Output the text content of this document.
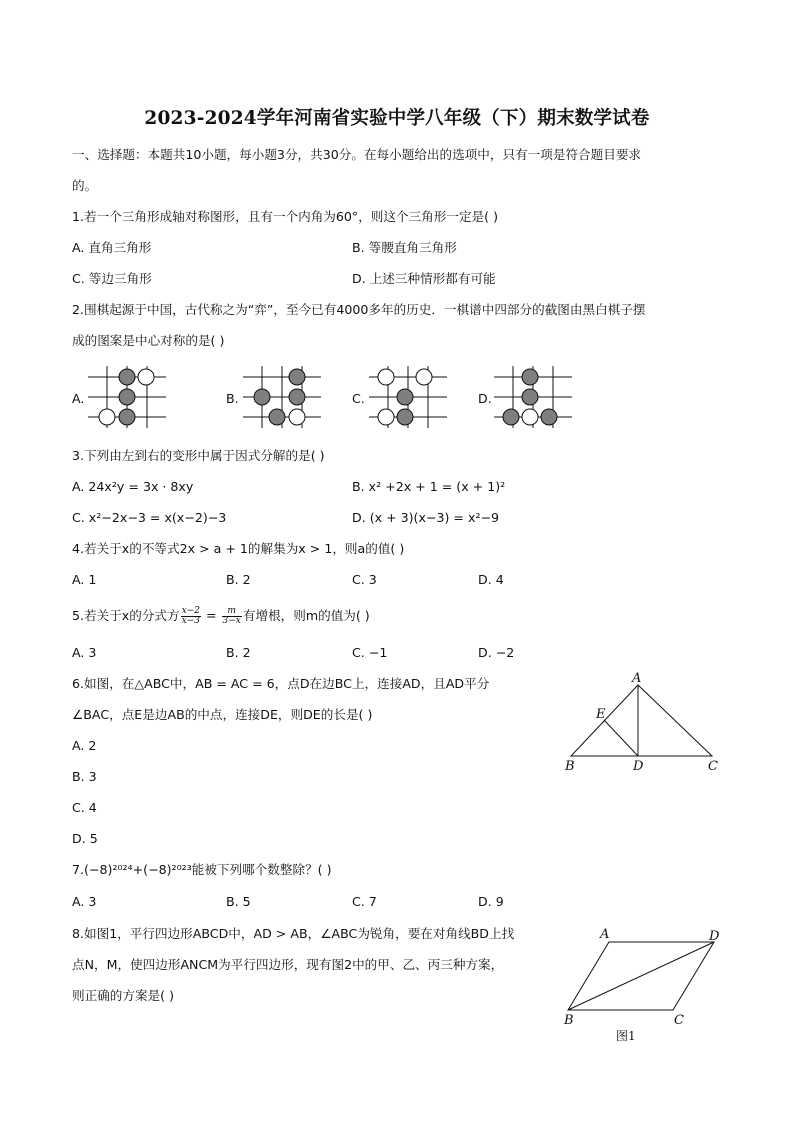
2023-2024学年河南省实验中学八年级（下）期末数学试卷
一、选择题：本题共10小题，每小题3分，共30分。在每小题给出的选项中，只有一项是符合题目要求
的。
1.若一个三角形成轴对称图形，且有一个内角为60°，则这个三角形一定是( )
A. 直角三角形	B. 等腰直角三角形
C. 等边三角形	D. 上述三种情形都有可能
2.围棋起源于中国，古代称之为“弈”，至今已有4000多年的历史．一棋谱中四部分的截图由黑白棋子摆
成的图案是中心对称的是( )
A.	B.	C.	D.
3.下列由左到右的变形中属于因式分解的是( )
A. 24x²y = 3x · 8xy	B. x² +2x + 1 = (x + 1)²
C. x²−2x−3 = x(x−2)−3	D. (x + 3)(x−3) = x²−9
4.若关于x的不等式2x > a + 1的解集为x > 1，则a的值( )
A. 1	B. 2	C. 3	D. 4
5.若关于x的分式方 $\frac{x-2}{x-3} = \frac{m}{3-x}$ 有增根，则m的值为( )
A. 3	B. 2	C. −1	D. −2
6.如图，在△ABC中，AB = AC = 6，点D在边BC上，连接AD，且AD平分
∠BAC，点E是边AB的中点，连接DE，则DE的长是( )
A. 2
B. 3
C. 4
D. 5
A
E
B	D	C
7.(−8)²⁰²⁴+(−8)²⁰²³能被下列哪个数整除？( )
A. 3	B. 5	C. 7	D. 9
8.如图1，平行四边形ABCD中，AD > AB，∠ABC为锐角，要在对角线BD上找
点N，M，使四边形ANCM为平行四边形，现有图2中的甲、乙、丙三种方案，
则正确的方案是( )
A	D
B	C
图1
